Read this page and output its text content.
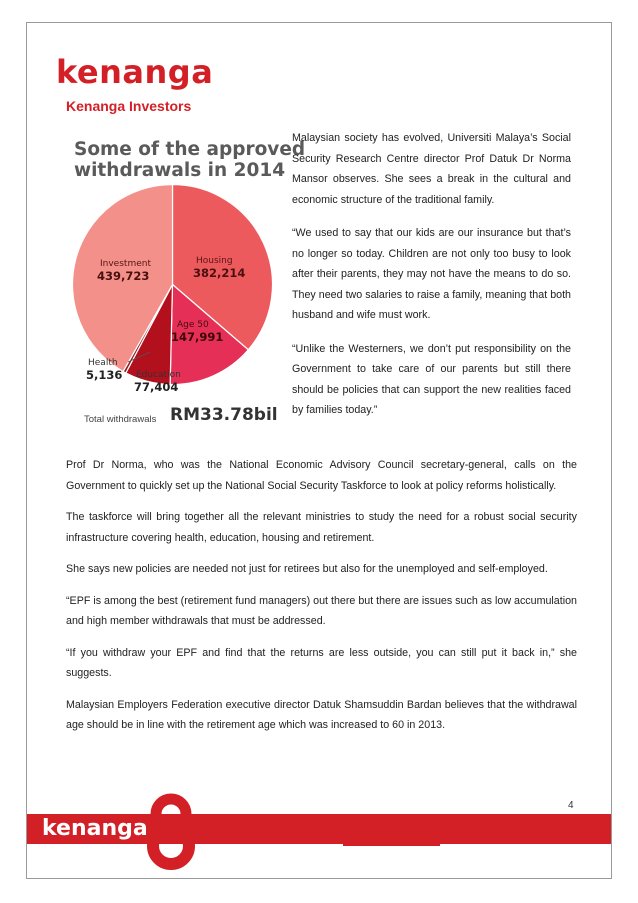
kenanga
Kenanga Investors
Some of the approved
withdrawals in 2014
Investment
439,723
Housing
382,214
Age 50
147,991
Health
5,136 Education
77,404
Total withdrawals RM33.78bil

Malaysian society has evolved, Universiti Malaya’s Social Security Research Centre director Prof Datuk Dr Norma Mansor observes. She sees a break in the cultural and economic structure of the traditional family.

“We used to say that our kids are our insurance but that’s no longer so today. Children are not only too busy to look after their parents, they may not have the means to do so. They need two salaries to raise a family, meaning that both husband and wife must work.

“Unlike the Westerners, we don’t put responsibility on the Government to take care of our parents but still there should be policies that can support the new realities faced by families today.”

Prof Dr Norma, who was the National Economic Advisory Council secretary-general, calls on the Government to quickly set up the National Social Security Taskforce to look at policy reforms holistically.

The taskforce will bring together all the relevant ministries to study the need for a robust social security infrastructure covering health, education, housing and retirement.

She says new policies are needed not just for retirees but also for the unemployed and self-employed.

“EPF is among the best (retirement fund managers) out there but there are issues such as low accumulation and high member withdrawals that must be addressed.

“If you withdraw your EPF and find that the returns are less outside, you can still put it back in,” she suggests.

Malaysian Employers Federation executive director Datuk Shamsuddin Bardan believes that the withdrawal age should be in line with the retirement age which was increased to 60 in 2013.

4
kenanga
